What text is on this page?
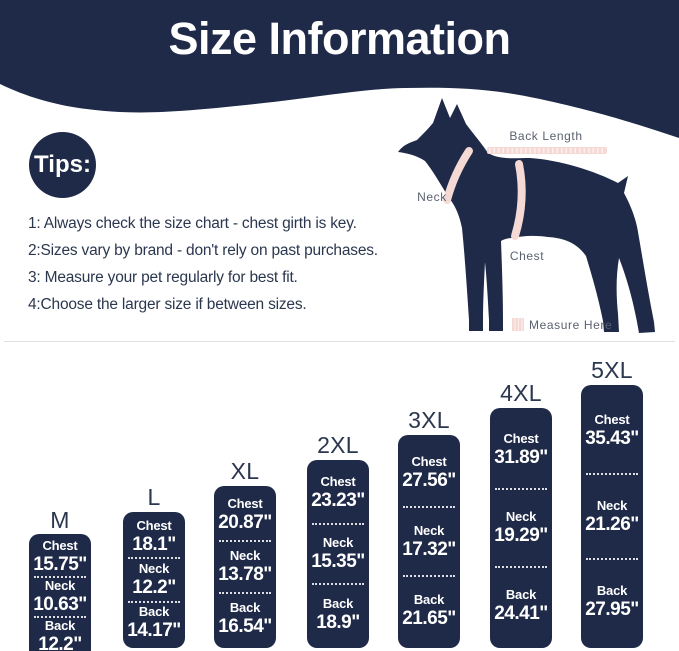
Size Information
Tips:
1: Always check the size chart - chest girth is key.
2:Sizes vary by brand - don't rely on past purchases.
3: Measure your pet regularly for best fit.
4:Choose the larger size if between sizes.
Back Length
Neck
Chest
Measure Here
M
Chest
15.75"
Neck
10.63"
Back
12.2"
L
Chest
18.1"
Neck
12.2"
Back
14.17"
XL
Chest
20.87"
Neck
13.78"
Back
16.54"
2XL
Chest
23.23"
Neck
15.35"
Back
18.9"
3XL
Chest
27.56"
Neck
17.32"
Back
21.65"
4XL
Chest
31.89"
Neck
19.29"
Back
24.41"
5XL
Chest
35.43"
Neck
21.26"
Back
27.95"
